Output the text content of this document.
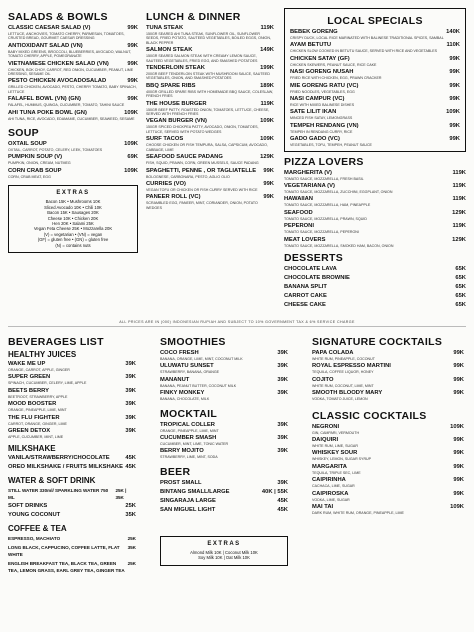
SALADS & BOWLS
CLASSIC CAESAR SALAD (V)	99K
LETTUCE, ANCHOVIES, TOMATO CHERRY, PARMESAN, TOMATOES, CRUSTED BREAD, GOURMET CAESAR DRESSING
ANTIOXIDANT SALAD (VN)	99K
BABY MIXED GREENS, BROCCOLI, BLUEBERRIES, AVOCADO, WALNUT, TOMATO CHERRY, APPLE, POMEGRANATE
VIETNAMESE CHICKEN SALAD (VN)	99K
CHICKEN, BOK CHOY, CARROT, RED ONION, CUCUMBER, PEANUT, LIME DRESSING, SESAME OIL
PESTO CHICKEN AVOCADOSALAD	99K
GRILLED CHICKEN, AVOCADO, PESTO, CHERRY TOMATO, BABY SPINACH, LETTUCE
FALAFEL BOWL (VN) (GN)	99K
FALAFEL, HUMMUS, QUINOA, CUCUMBER, TOMATO, TAHINI SAUCE
AHI TUNA POKE BOWL (GN)	109K
AHI TUNA, RICE, AVOCADO, EDAMAME, CUCUMBER, SEAWEED, SESAME
SOUP
OXTAIL SOUP	109K
OXTAIL, CARROT, POTATO, CELERY, LEEK, TOMATOES
PUMPKIN SOUP (V)	69K
PUMPKIN, ONION, CREAM, NUTMEG
CORN CRAB SOUP	109K
CORN, CRAB MEAT, EGG
EXTRAS
Bacon 15K • Mushrooms 10K
Sliced Avocado 10K • Chili 10K
Bacon 15K • Sausages 20K
Cheese 10K • Chicken 20K
Hen 20K • Salami 25K
Vegan Feta Cheese 25K • Mozzarella 20K
(V) = vegetarian • (VN) = vegan
(GF) = gluten free • (GN) = gluten free
(N) = contains nuts
LUNCH & DINNER
TUNA STEAK	119K
150GR SEARED AHI TUNA STEAK, SUNFLOWER OIL, SUNFLOWER SEEDS, FRIED POTATO, SAUTEED VEGETABLES, BOILED EGGS, ONION, BLACK PEPPER
SALMON STEAK	149K
150GR SEARED SALMON STEAK WITH CREAMY LEMON SAUCE, SAUTEED VEGETABLES, FRIED EGG, AND SMASHED POTATOES
TENDERLOIN STEAK	199K
200GR BEEF TENDERLOIN STEAK WITH MUSHROOM SAUCE, SAUTEED VEGETABLES, ONION, AND SMASHED POTATOES
BBQ SPARE RIBS	189K
400GR GRILLED SPARE RIBS WITH HOMEMADE BBQ SAUCE, COLESLAW, FRENCH FRIES
THE HOUSE BURGER	119K
150GR BEEF PATTY, ROASTED ONION, TOMATOES, LETTUCE, CHEESE, SERVED WITH FRENCH FRIES
VEGAN BURGER (VN)	109K
150GR SPICED CHICKPEA PATTY, AVOCADO, ONION, TOMATOES, LETTUCE, SERVED WITH POTATO WEDGES
SURF TACOS	109K
CHOOSE CHICKEN OR FISH TEMPURA, SALSA, CAPSICUM, AVOCADO, CABBAGE, LIME
SEAFOOD SAUCE PADANG	129K
FISH, SQUID, PRAWN, CORN, GREEN MUSSELS, SAUCE PADANG
SPAGHETTI, PENNE , OR TAGLIATELLE 99K
BOLOGNESE, CARBONARA, PESTO, AGLIO OLIO
CURRIES (VO)	99K
VEGAN TOFU OR CHICKEN OR FISH CURRY SERVED WITH RICE
PANEER ROLL (VC)	99K
SCRAMBLED EGG, PANEER, MINT, CORIANDER, ONION, POTATO WEDGES
LOCAL SPECIALS
BEBEK GORENG	140K
CRISPY DUCK, LOCAL RICE MARINATED WITH BALINESE TRADITIONAL SPICES, SAMBAL
AYAM BETUTU	110K
CHICKEN SLOW COOKED IN BETUTU SAUCE, SERVED WITH RICE AND VEGETABLES
CHICKEN SATAY (GF)	99K
CHICKEN SKEWERS, PEANUT SAUCE, RICE CAKE
NASI GORENG NUSAH	99K
FRIED RICE WITH CHICKEN, EGG, PRAWN CRACKER
MIE GORENG RATU (VC)	99K
FRIED NOODLES, VEGETABLES, EGG
NASI CAMPUR (VC)	99K
RICE WITH MIXED BALINESE DISHES
SATE LILIT IKAN	109K
MINCED FISH SATAY, LEMONGRASS
TEMPEH RENDANG (VN)	99K
TEMPEH IN RENDANG CURRY, RICE
GADO GADO (VC)	99K
VEGETABLES, TOFU, TEMPEH, PEANUT SAUCE
PIZZA LOVERS
MARGHERITA (V)	119K
TOMATO SAUCE, MOZZARELLA, FRESH BASIL
VEGETARIANA (V)	119K
TOMATO SAUCE, MOZZARELLA, ZUCCHINI, EGGPLANT, ONION
HAWAIIAN	119K
TOMATO SAUCE, MOZZARELLA, HAM, PINEAPPLE
SEAFOOD	129K
TOMATO SAUCE, MOZZARELLA, PRAWN, SQUID
PEPERONI	119K
TOMATO SAUCE, MOZZARELLA, PEPERONI
MEAT LOVERS	129K
TOMATO SAUCE, MOZZARELLA, SMOKED HAM, BACON, ONION
DESSERTS
CHOCOLATE LAVA	65K
CHOCOLATE BROWNIE	65K
BANANA SPLIT	65K
CARROT CAKE	65K
CHEESE CAKE	65K
ALL PRICES ARE IN (000) INDONESIAN RUPIAH AND SUBJECT TO 10% GOVERNMENT TAX & 6% SERVICE CHARGE
BEVERAGES LIST
HEALTHY JUICES
WAKE ME UP	39K
ORANGE, CARROT, APPLE, GINGER
SUPER GREEN	39K
SPINACH, CUCUMBER, CELERY, LIME, APPLE
BEETS BERRY	39K
BEETROOT, STRAWBERRY, APPLE
MOOD BOOSTER	39K
ORANGE, PINEAPPLE, LIME, MINT
THE FLU FIGHTER	39K
CARROT, ORANGE, GINGER, LIME
GREEN DETOX	39K
APPLE, CUCUMBER, MINT, LIME
MILKSHAKE
VANILA/STRAWBERRY/CHOCOLATE	45K
OREO MILKSHAKE / FRUITS MILKSHAKE 45K
WATER & SOFT DRINK
STILL WATER 330ml/ SPARKLING WATER 750 ML
25K | 35K
SOFT DRINKS	25K
YOUNG COCONUT	35K
COFFEE & TEA
ESPRESSO, MACHIATO	25K
LONG BLACK, CAPPUCINO, COFFEE LATTE, FLAT WHITE
35K
ENGLISH BREAKFAST TEA, BLACK TEA, GREEN TEA, LEMON GRASS, EARL GREY TEA, GINGER TEA
25K
SMOOTHIES
COCO FRESH	39K
BANANA, ORANGE, LIME, MINT, COCONUT MILK
ULUWATU SUNSET	39K
STRAWBERRY, BANANA, ORANGE
MANANUT	39K
BANANA, PEANUT BUTTER, COCONUT MILK
FINKY MONKEY	39K
BANANA, CHOCOLATE, MILK
MOCKTAIL
TROPICAL COLLER	39K
ORANGE, PINEAPPLE, LIME, MINT
CUCUMBER SMASH	39K
CUCUMBER, MINT, LIME, TONIC WATER
BERRY MOJITO	39K
STRAWBERRY, LIME, MINT, SODA
BEER
PROST SMALL	39K
BINTANG SMALL/LARGE	40K | 55K
SINGARAJA LARGE	45K
SAN MIGUEL LIGHT	45K
EXTRAS
Almond Milk 10K | Coconut Milk 10K
Soy Milk 10K | Oat Milk 10K
SIGNATURE COCKTAILS
PAPA COLADA	99K
WHITE RUM, PINEAPPLE, COCONUT
ROYAL ESPRESSO MARTINI	99K
TEQUILA, COFFEE LIQUOR, HONEY
COJITO	99K
WHITE RUM, COCONUT, LIME, MINT
SMOOTH BLOODY MARY	99K
VODKA, TOMATO JUICE, LEMON
CLASSIC COCKTAILS
NEGRONI	109K
GIN, CAMPARI, VERMOUTH
DAIQUIRI	99K
WHITE RUM, LIME, SUGAR
WHISKEY SOUR	99K
WHISKEY, LEMON, SUGAR SYRUP
MARGARITA	99K
TEQUILA, TRIPLE SEC, LIME
CAIPIRINHA	99K
CACHACA, LIME, SUGAR
CAIPIROSKA	99K
VODKA, LIME, SUGAR
MAI TAI	109K
DARK RUM, WHITE RUM, ORANGE, PINEAPPLE, LIME
